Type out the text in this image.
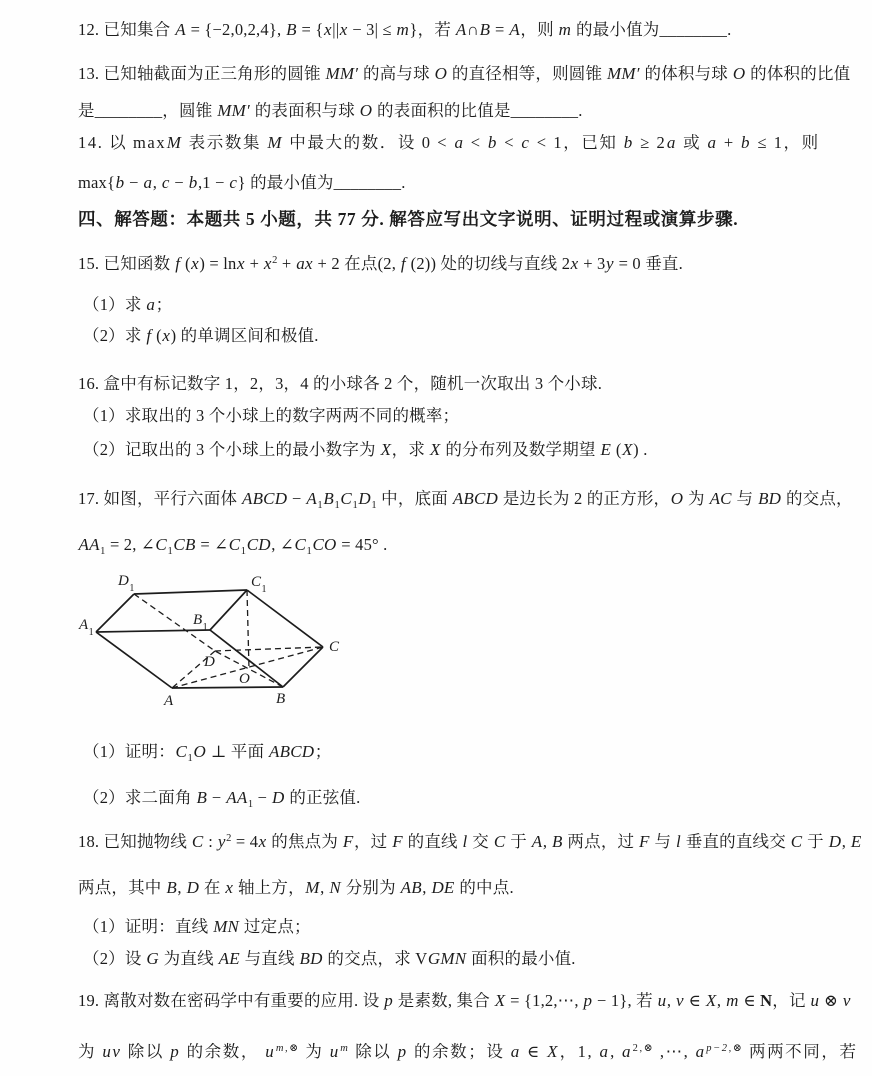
12. 已知集合 A = {−2,0,2,4}, B = {x||x − 3| ≤ m}，若 A∩B = A，则 m 的最小值为________.
13. 已知轴截面为正三角形的圆锥 MM′ 的高与球 O 的直径相等，则圆锥 MM′ 的体积与球 O 的体积的比值
是________，圆锥 MM′ 的表面积与球 O 的表面积的比值是________.
14. 以 maxM 表示数集 M 中最大的数．设 0 < a < b < c < 1，已知 b ≥ 2a 或 a + b ≤ 1，则
max{b − a, c − b,1 − c} 的最小值为________.
四、解答题：本题共 5 小题，共 77 分. 解答应写出文字说明、证明过程或演算步骤.
15. 已知函数 f $(x) = \ln x + x^2$ + ax + 2 在点(2, f (2)) 处的切线与直线 2x + 3y = 0 垂直.
（1）求 a；
（2）求 f (x) 的单调区间和极值.
16. 盒中有标记数字 1，2，3，4 的小球各 2 个，随机一次取出 3 个小球.
（1）求取出的 3 个小球上的数字两两不同的概率；
（2）记取出的 3 个小球上的最小数字为 X，求 X 的分布列及数学期望 E (X) .
17. 如图，平行六面体 ABCD − $A_1B_1C_1D_1$ 中，底面 ABCD 是边长为 2 的正方形，O 为 AC 与 BD 的交点，
$AA_1 = 2$, $\angle C_1CB$ = $\angle C_1CD$, $\angle C_1CO = 45^\circ$ .
（1）证明：$C_1O$ ⊥ 平面 ABCD；
（2）求二面角 $B - AA_1 - D$ 的正弦值.
18. 已知抛物线 C : $y^2 = 4x$ 的焦点为 F，过 F 的直线 l 交 C 于 A, B 两点，过 F 与 l 垂直的直线交 C 于 D, E
两点，其中 B, D 在 x 轴上方，M, N 分别为 AB, DE 的中点.
（1）证明：直线 MN 过定点；
（2）设 G 为直线 AE 与直线 BD 的交点，求 VGMN 面积的最小值.
19. 离散对数在密码学中有重要的应用. 设 p 是素数, 集合 X = {1,2,⋯, p − 1}, 若 u, v ∈ X, m ∈ N，记 u ⊗ v
为 uv 除以 p 的余数， $u^{m,\otimes}$ 为 $u^m$ 除以 p 的余数；设 a ∈ X，1, a, $a^{2,\otimes}$ ,⋯, $a^{p-2,\otimes}$ 两两不同，若
$D_1$	$C_1$
$A_1$
$B_1$
C
D
O
A	B
